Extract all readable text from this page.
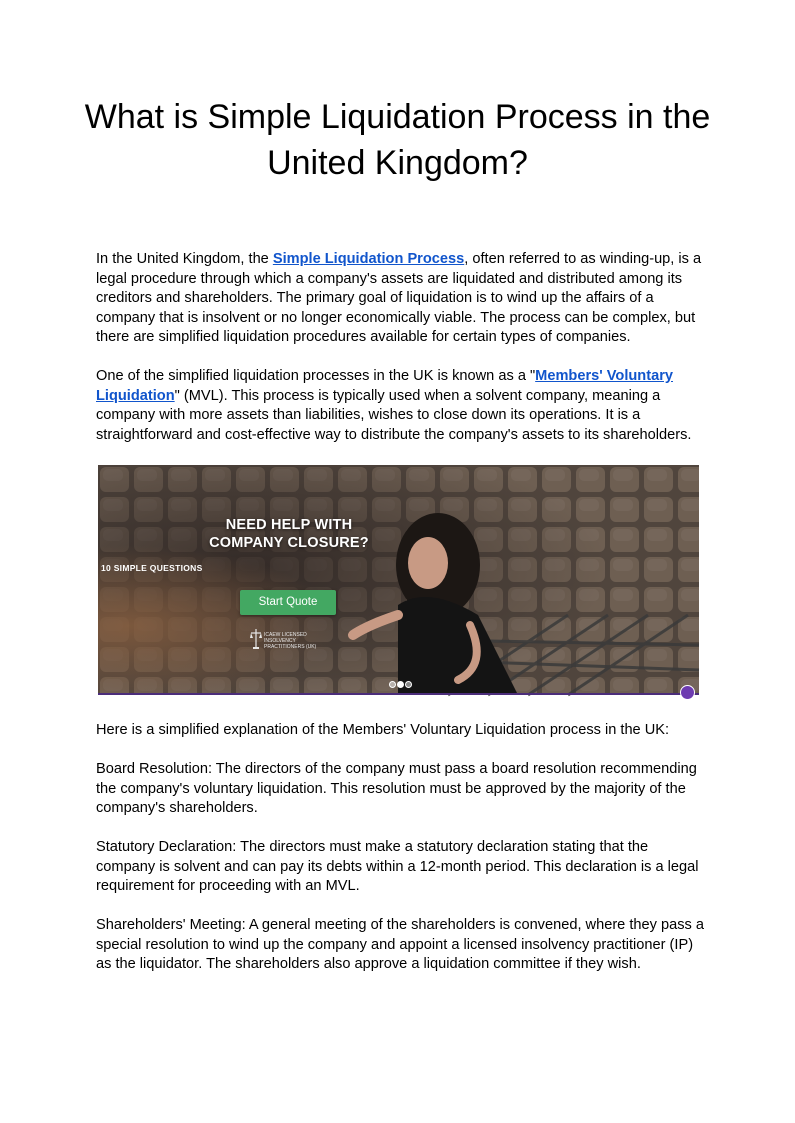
What is Simple Liquidation Process in the United Kingdom?

In the United Kingdom, the Simple Liquidation Process, often referred to as winding-up, is a legal procedure through which a company's assets are liquidated and distributed among its creditors and shareholders. The primary goal of liquidation is to wind up the affairs of a company that is insolvent or no longer economically viable. The process can be complex, but there are simplified liquidation procedures available for certain types of companies.

One of the simplified liquidation processes in the UK is known as a "Members' Voluntary Liquidation" (MVL). This process is typically used when a solvent company, meaning a company with more assets than liabilities, wishes to close down its operations. It is a straightforward and cost-effective way to distribute the company's assets to its shareholders.

NEED HELP WITH
COMPANY CLOSURE?
WITH 10 SIMPLE QUESTIONS
Start Quote
ICAEW LICENSED INSOLVENCY PRACTITIONERS (UK)

Here is a simplified explanation of the Members' Voluntary Liquidation process in the UK:

Board Resolution: The directors of the company must pass a board resolution recommending the company's voluntary liquidation. This resolution must be approved by the majority of the company's shareholders.

Statutory Declaration: The directors must make a statutory declaration stating that the company is solvent and can pay its debts within a 12-month period. This declaration is a legal requirement for proceeding with an MVL.

Shareholders' Meeting: A general meeting of the shareholders is convened, where they pass a special resolution to wind up the company and appoint a licensed insolvency practitioner (IP) as the liquidator. The shareholders also approve a liquidation committee if they wish.
